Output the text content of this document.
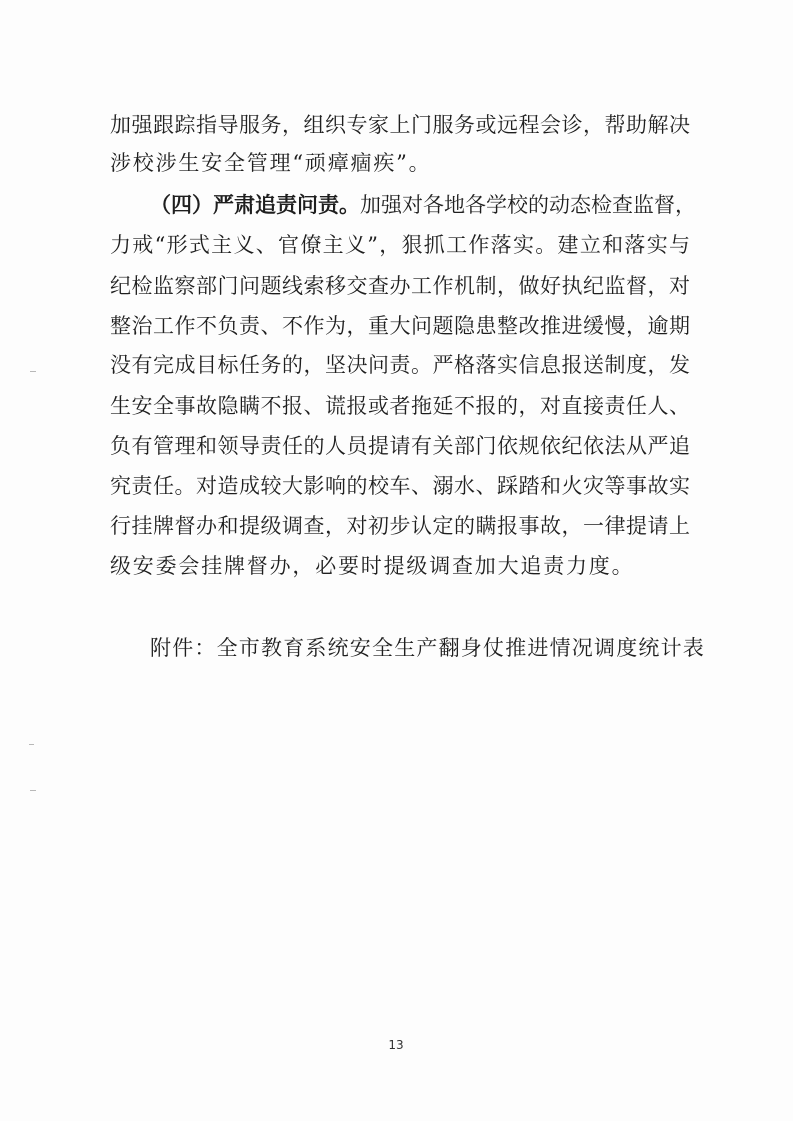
加强跟踪指导服务，组织专家上门服务或远程会诊，帮助解决
涉校涉生安全管理“顽瘴痼疾”。
（四）严肃追责问责。加强对各地各学校的动态检查监督，
力戒“形式主义、官僚主义”，狠抓工作落实。建立和落实与
纪检监察部门问题线索移交查办工作机制，做好执纪监督，对
整治工作不负责、不作为，重大问题隐患整改推进缓慢，逾期
没有完成目标任务的，坚决问责。严格落实信息报送制度，发
生安全事故隐瞒不报、谎报或者拖延不报的，对直接责任人、
负有管理和领导责任的人员提请有关部门依规依纪依法从严追
究责任。对造成较大影响的校车、溺水、踩踏和火灾等事故实
行挂牌督办和提级调查，对初步认定的瞒报事故，一律提请上
级安委会挂牌督办，必要时提级调查加大追责力度。
附件：全市教育系统安全生产翻身仗推进情况调度统计表
13
